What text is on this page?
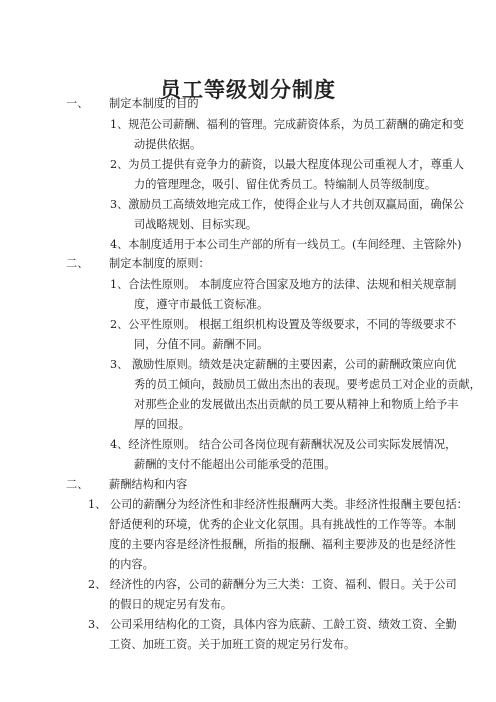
员工等级划分制度
一、 制定本制度的目的
1、规范公司薪酬、福利的管理。完成薪资体系，为员工薪酬的确定和变
动提供依据。
2、为员工提供有竞争力的薪资，以最大程度体现公司重视人才，尊重人
力的管理理念，吸引、留住优秀员工。特编制人员等级制度。
3、激励员工高绩效地完成工作，使得企业与人才共创双赢局面，确保公
司战略规划、目标实现。
4、本制度适用于本公司生产部的所有一线员工。(车间经理、主管除外)
二、 制定本制度的原则：
1、合法性原则。 本制度应符合国家及地方的法律、法规和相关规章制
度，遵守市最低工资标准。
2、公平性原则。 根据工组织机构设置及等级要求，不同的等级要求不
同，分值不同。薪酬不同。
3、 激励性原则。绩效是决定薪酬的主要因素，公司的薪酬政策应向优
秀的员工倾向，鼓励员工做出杰出的表现。要考虑员工对企业的贡献，
对那些企业的发展做出杰出贡献的员工要从精神上和物质上给予丰
厚的回报。
4、经济性原则。 结合公司各岗位现有薪酬状况及公司实际发展情况，
薪酬的支付不能超出公司能承受的范围。
二、 薪酬结构和内容
1、 公司的薪酬分为经济性和非经济性报酬两大类。非经济性报酬主要包括：
舒适便利的环境，优秀的企业文化氛围。具有挑战性的工作等等。本制
度的主要内容是经济性报酬，所指的报酬、福利主要涉及的也是经济性
的内容。
2、 经济性的内容，公司的薪酬分为三大类：工资、福利、假日。关于公司
的假日的规定另有发布。
3、 公司采用结构化的工资，具体内容为底薪、工龄工资、绩效工资、全勤
工资、加班工资。关于加班工资的规定另行发布。
